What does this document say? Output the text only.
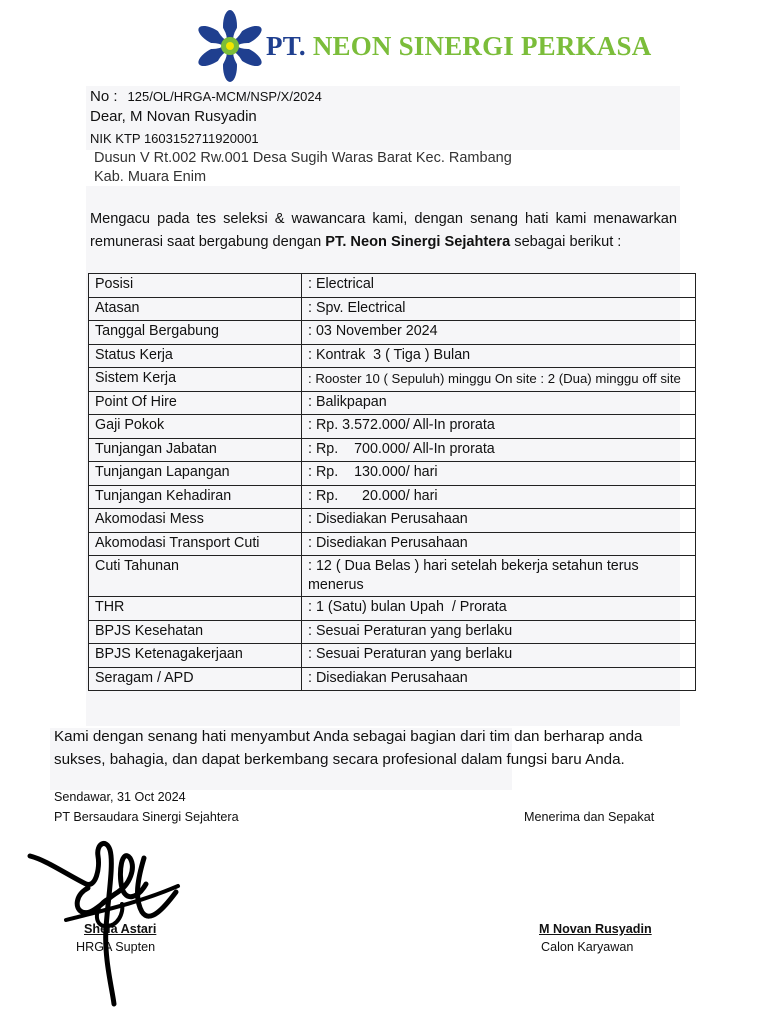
PT. NEON SINERGI PERKASA
No : 125/OL/HRGA-MCM/NSP/X/2024
Dear, M Novan Rusyadin
NIK KTP 1603152711920001
Dusun V Rt.002 Rw.001 Desa Sugih Waras Barat Kec. Rambang
Kab. Muara Enim
Mengacu pada tes seleksi & wawancara kami, dengan senang hati kami menawarkan remunerasi saat bergabung dengan PT. Neon Sinergi Sejahtera sebagai berikut :
Posisi	: Electrical
Atasan	: Spv. Electrical
Tanggal Bergabung	: 03 November 2024
Status Kerja	: Kontrak  3 ( Tiga ) Bulan
Sistem Kerja	: Rooster 10 ( Sepuluh) minggu On site : 2 (Dua) minggu off site
Point Of Hire	: Balikpapan
Gaji Pokok	: Rp. 3.572.000/ All-In prorata
Tunjangan Jabatan	: Rp.    700.000/ All-In prorata
Tunjangan Lapangan	: Rp.    130.000/ hari
Tunjangan Kehadiran	: Rp.      20.000/ hari
Akomodasi Mess	: Disediakan Perusahaan
Akomodasi Transport Cuti	: Disediakan Perusahaan
Cuti Tahunan	: 12 ( Dua Belas ) hari setelah bekerja setahun terus menerus
THR	: 1 (Satu) bulan Upah  / Prorata
BPJS Kesehatan	: Sesuai Peraturan yang berlaku
BPJS Ketenagakerjaan	: Sesuai Peraturan yang berlaku
Seragam / APD	: Disediakan Perusahaan
Kami dengan senang hati menyambut Anda sebagai bagian dari tim dan berharap anda
sukses, bahagia, dan dapat berkembang secara profesional dalam fungsi baru Anda.
Sendawar, 31 Oct 2024
PT Bersaudara Sinergi Sejahtera	Menerima dan Sepakat
Shela Astari
HRGA Supten
M Novan Rusyadin
Calon Karyawan
